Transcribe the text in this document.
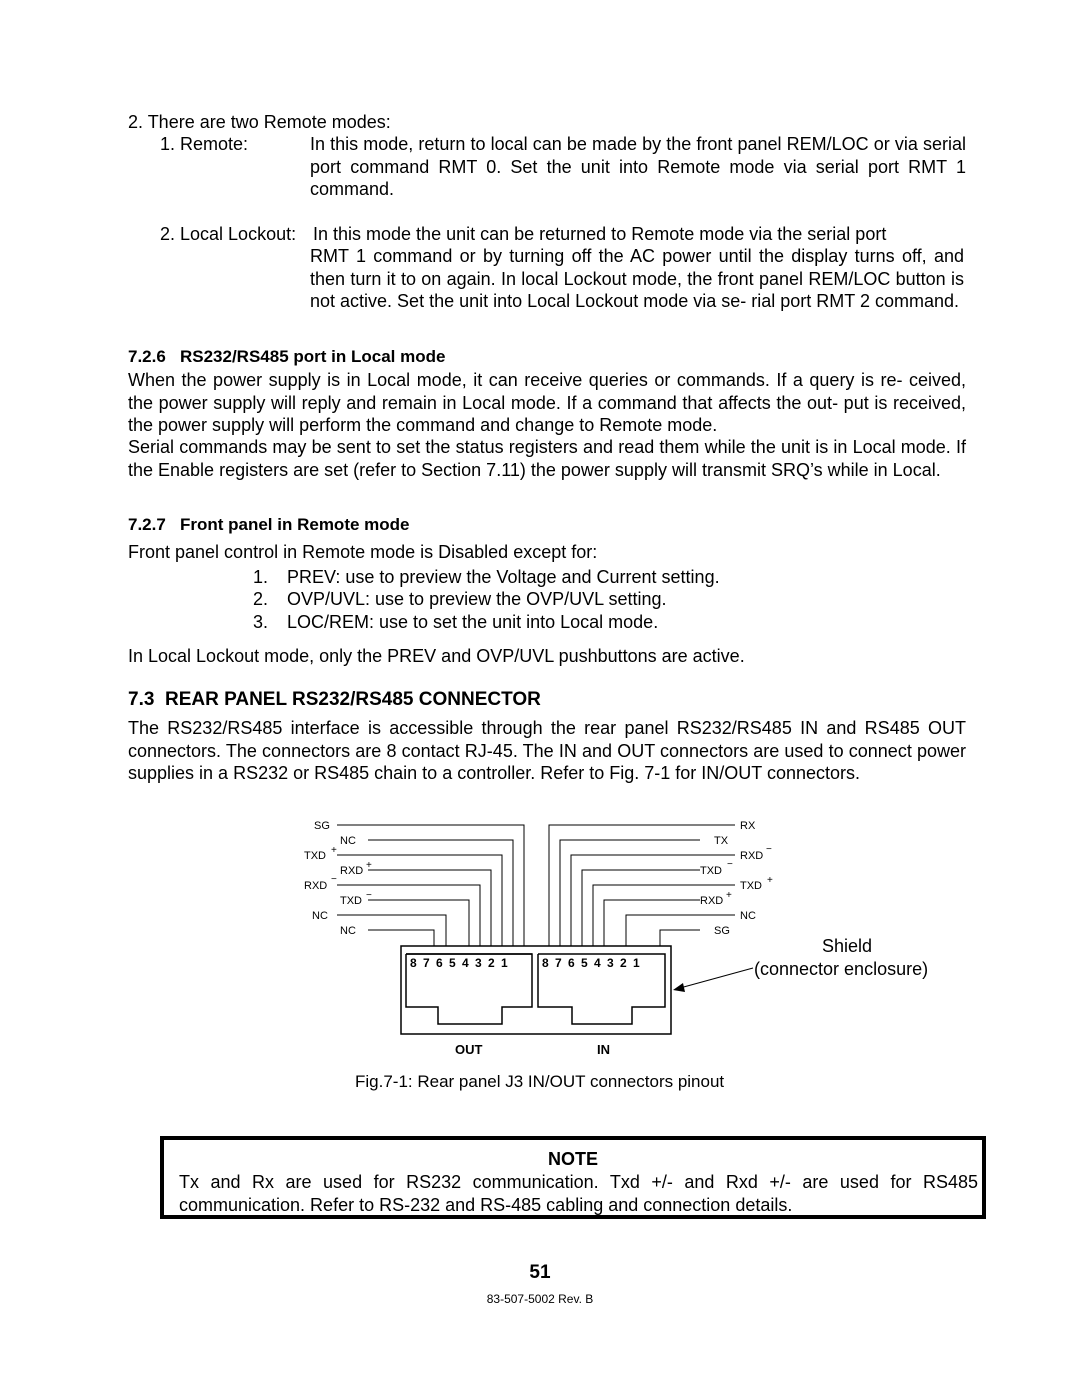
2. There are two Remote modes:

1. Remote:	In this mode, return to local can be made by the front panel REM/LOC or via serial port command RMT 0. Set the unit into Remote mode via serial port RMT 1 command.

2. Local Lockout: In this mode the unit can be returned to Remote mode via the serial port

RMT 1 command or by turning off the AC power until the display turns off, and then turn it to on again. In local Lockout mode, the front panel REM/LOC button is not active. Set the unit into Local Lockout mode via se- rial port RMT 2 command.

7.2.6   RS232/RS485 port in Local mode

When the power supply is in Local mode, it can receive queries or commands. If a query is re- ceived, the power supply will reply and remain in Local mode. If a command that affects the out- put is received, the power supply will perform the command and change to Remote mode.

Serial commands may be sent to set the status registers and read them while the unit is in Local mode. If the Enable registers are set (refer to Section 7.11) the power supply will transmit SRQ’s while in Local.

7.2.7   Front panel in Remote mode

Front panel control in Remote mode is Disabled except for:

1. PREV: use to preview the Voltage and Current setting.

2. OVP/UVL: use to preview the OVP/UVL setting.

3. LOC/REM: use to set the unit into Local mode.

In Local Lockout mode, only the PREV and OVP/UVL pushbuttons are active.

7.3  REAR PANEL RS232/RS485 CONNECTOR

The RS232/RS485 interface is accessible through the rear panel RS232/RS485 IN and RS485 OUT connectors. The connectors are 8 contact RJ-45. The IN and OUT connectors are used to connect power supplies in a RS232 or RS485 chain to a controller. Refer to Fig. 7-1 for IN/OUT connectors.

SG
TXD +
RXD
−
NC
NC
RXD +
TXD −
NC
RX
RXD
−
TXD +
NC
TX
TXD
−
RXD +
SG
8 7 6 5 4 3 2 1	8 7 6 5 4 3 2 1
OUT	IN
Shield
(connector enclosure)
Fig.7-1: Rear panel J3 IN/OUT connectors pinout

NOTE

Tx and Rx are used for RS232 communication. Txd +/- and Rxd +/- are used for RS485 communication. Refer to RS-232 and RS-485 cabling and connection details.

51

83-507-5002 Rev. B
